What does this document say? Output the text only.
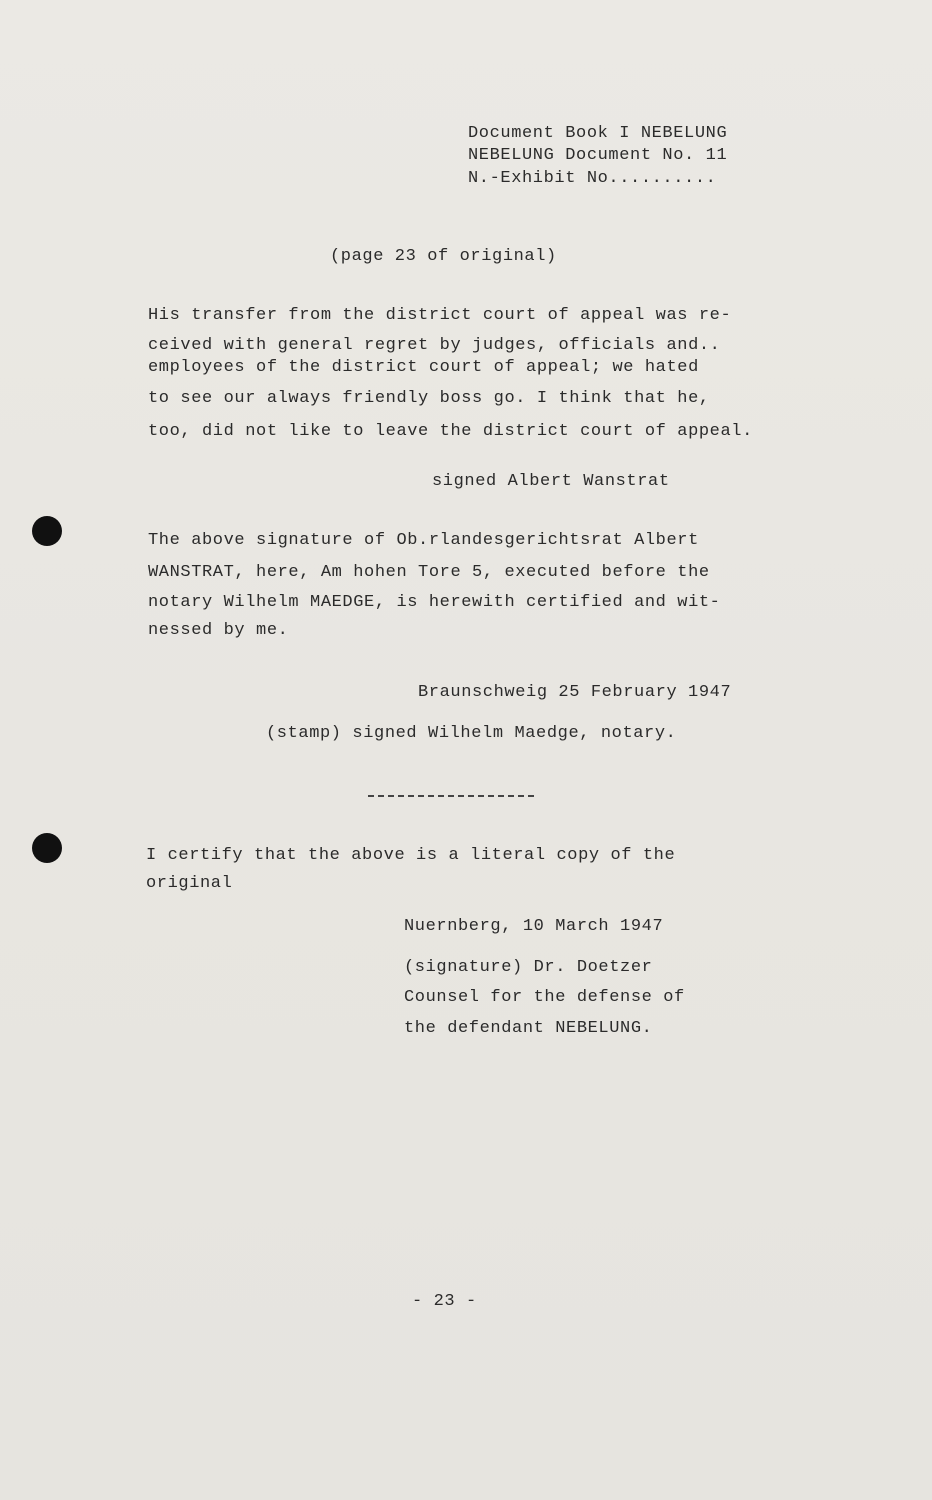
Document Book I NEBELUNG
NEBELUNG Document No. 11
N.-Exhibit No..........
(page 23 of original)
His transfer from the district court of appeal was re-
ceived with general regret by judges, officials and..
employees of the district court of appeal; we hated
to see our always friendly boss go. I think that he,
too, did not like to leave the district court of appeal.
signed Albert Wanstrat
The above signature of Ob.rlandesgerichtsrat Albert
WANSTRAT, here, Am hohen Tore 5, executed before the
notary Wilhelm MAEDGE, is herewith certified and wit-
nessed by me.
Braunschweig 25 February 1947
(stamp) signed Wilhelm Maedge, notary.
I certify that the above is a literal copy of the
original
Nuernberg, 10 March 1947
(signature) Dr. Doetzer
Counsel for the defense of
the defendant NEBELUNG.
- 23 -
